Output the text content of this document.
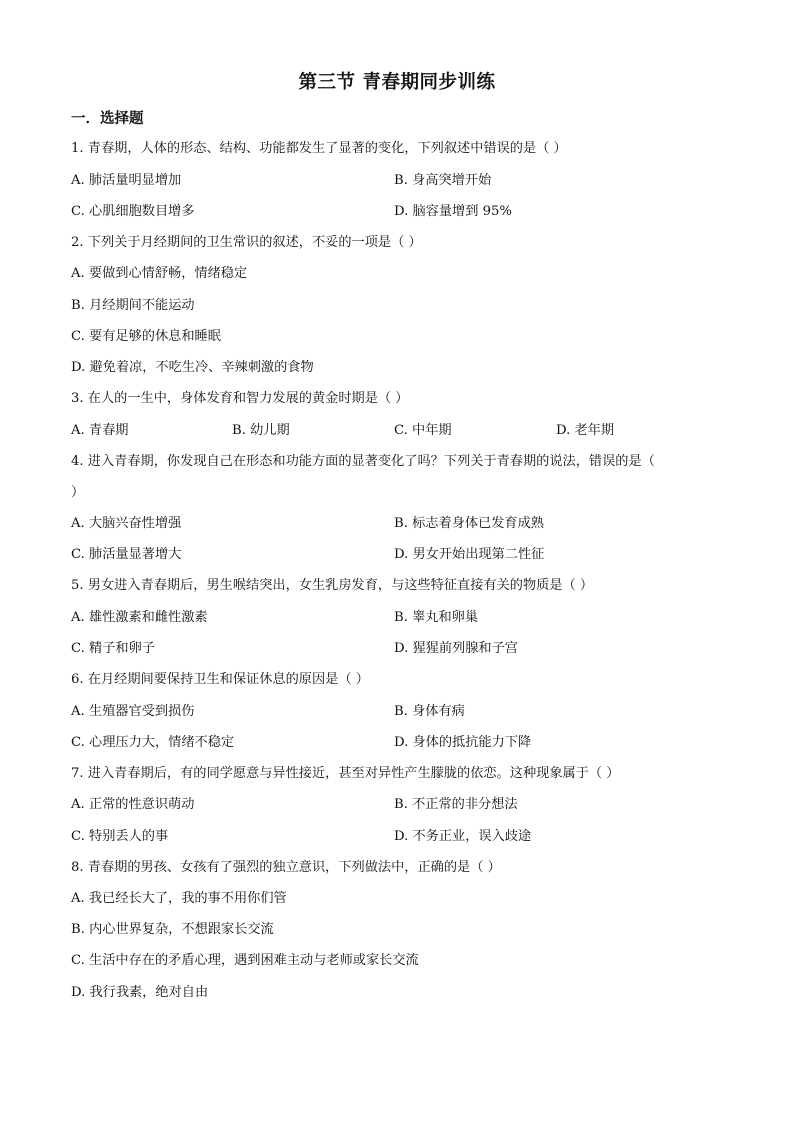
第三节 青春期同步训练
一．选择题
1. 青春期，人体的形态、结构、功能都发生了显著的变化，下列叙述中错误的是（ ）
A. 肺活量明显增加	B. 身高突增开始
C. 心肌细胞数目增多	D. 脑容量增到 95%
2. 下列关于月经期间的卫生常识的叙述，不妥的一项是（ ）
A. 要做到心情舒畅，情绪稳定
B. 月经期间不能运动
C. 要有足够的休息和睡眠
D. 避免着凉，不吃生冷、辛辣刺激的食物
3. 在人的一生中，身体发育和智力发展的黄金时期是（ ）
A. 青春期	B. 幼儿期	C. 中年期	D. 老年期
4. 进入青春期，你发现自己在形态和功能方面的显著变化了吗？下列关于青春期的说法，错误的是（
）
A. 大脑兴奋性增强	B. 标志着身体已发育成熟
C. 肺活量显著增大	D. 男女开始出现第二性征
5. 男女进入青春期后，男生喉结突出，女生乳房发育，与这些特征直接有关的物质是（ ）
A. 雄性激素和雌性激素	B. 睾丸和卵巢
C. 精子和卵子	D. 猩猩前列腺和子宫
6. 在月经期间要保持卫生和保证休息的原因是（ ）
A. 生殖器官受到损伤	B. 身体有病
C. 心理压力大，情绪不稳定	D. 身体的抵抗能力下降
7. 进入青春期后，有的同学愿意与异性接近，甚至对异性产生朦胧的依恋。这种现象属于（ ）
A. 正常的性意识萌动	B. 不正常的非分想法
C. 特别丢人的事	D. 不务正业，误入歧途
8. 青春期的男孩、女孩有了强烈的独立意识，下列做法中，正确的是（ ）
A. 我已经长大了，我的事不用你们管
B. 内心世界复杂，不想跟家长交流
C. 生活中存在的矛盾心理，遇到困难主动与老师或家长交流
D. 我行我素，绝对自由
